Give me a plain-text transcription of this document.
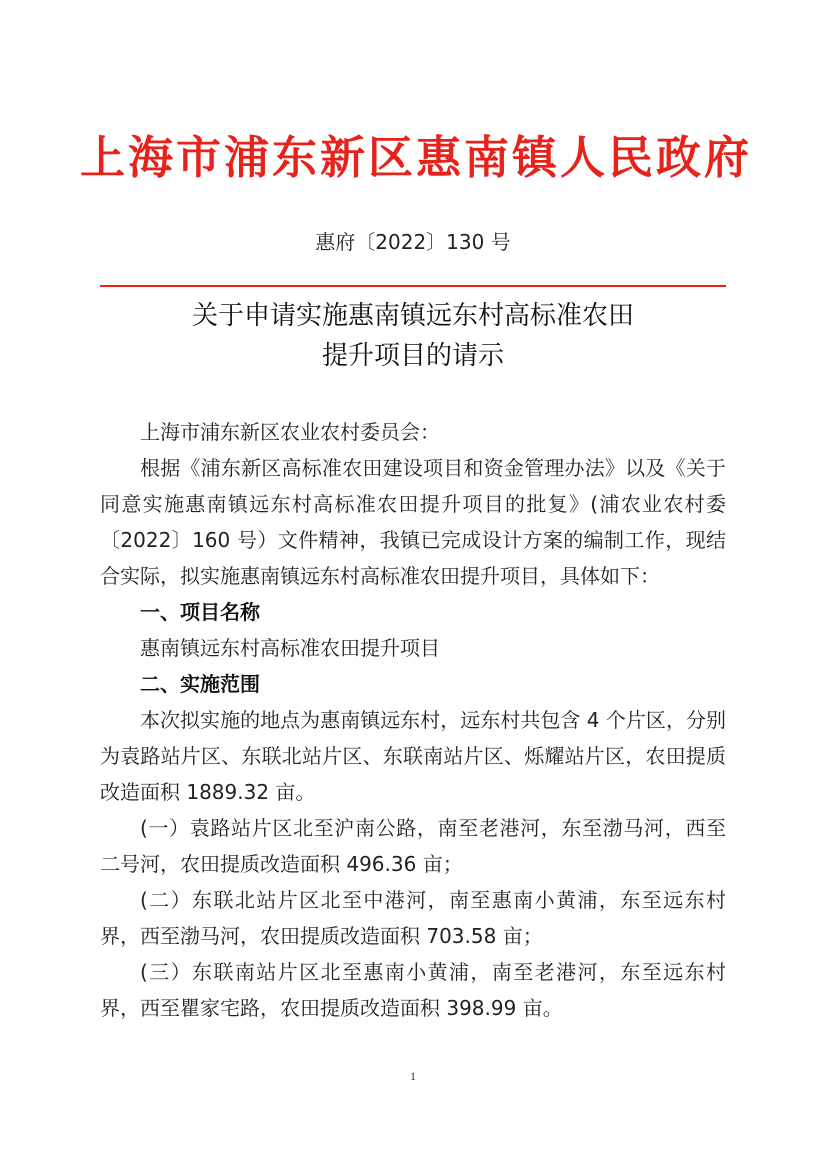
上海市浦东新区惠南镇人民政府
惠府〔2022〕130 号
关于申请实施惠南镇远东村高标准农田
提升项目的请示

上海市浦东新区农业农村委员会：

根据《浦东新区高标准农田建设项目和资金管理办法》以及《关于同意实施惠南镇远东村高标准农田提升项目的批复》(浦农业农村委〔2022〕160 号）文件精神，我镇已完成设计方案的编制工作，现结合实际，拟实施惠南镇远东村高标准农田提升项目，具体如下：

一、项目名称

惠南镇远东村高标准农田提升项目

二、实施范围

本次拟实施的地点为惠南镇远东村，远东村共包含 4 个片区，分别为袁路站片区、东联北站片区、东联南站片区、烁耀站片区，农田提质改造面积 1889.32 亩。

(一）袁路站片区北至沪南公路，南至老港河，东至渤马河，西至二号河，农田提质改造面积 496.36 亩；

(二）东联北站片区北至中港河，南至惠南小黄浦，东至远东村界，西至渤马河，农田提质改造面积 703.58 亩；

(三）东联南站片区北至惠南小黄浦，南至老港河，东至远东村界，西至瞿家宅路，农田提质改造面积 398.99 亩。

1
